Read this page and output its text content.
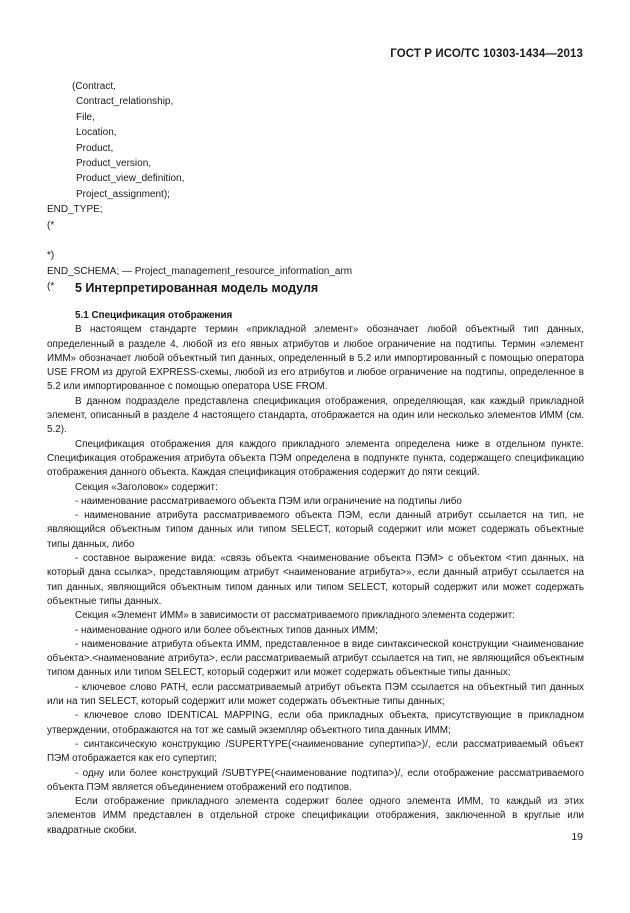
ГОСТ Р ИСО/ТС 10303-1434—2013
(Contract,
Contract_relationship,
File,
Location,
Product,
Product_version,
Product_view_definition,
Project_assignment);
END_TYPE;
(*

*)
END_SCHEMA; — Project_management_resource_information_arm
(*	5 Интерпретированная модель модуля

5.1 Спецификация отображения

В настоящем стандарте термин «прикладной элемент» обозначает любой объектный тип данных, определенный в разделе 4, любой из его явных атрибутов и любое ограничение на подтипы. Термин «элемент ИММ» обозначает любой объектный тип данных, определенный в 5.2 или импортированный с помощью оператора USE FROM из другой EXPRESS-схемы, любой из его атрибутов и любое ограничение на подтипы, определенное в 5.2 или импортированное с помощью оператора USE FROM.

В данном подразделе представлена спецификация отображения, определяющая, как каждый прикладной элемент, описанный в разделе 4 настоящего стандарта, отображается на один или несколько элементов ИММ (см. 5.2).

Спецификация отображения для каждого прикладного элемента определена ниже в отдельном пункте. Спецификация отображения атрибута объекта ПЭМ определена в подпункте пункта, содержащего спецификацию отображения данного объекта. Каждая спецификация отображения содержит до пяти секций.

Секция «Заголовок» содержит:

- наименование рассматриваемого объекта ПЭМ или ограничение на подтипы либо

- наименование атрибута рассматриваемого объекта ПЭМ, если данный атрибут ссылается на тип, не являющийся объектным типом данных или типом SELECT, который содержит или может содержать объектные типы данных, либо

- составное выражение вида: «связь объекта <наименование объекта ПЭМ> с объектом <тип данных, на который дана ссылка>, представляющим атрибут <наименование атрибута>», если данный атрибут ссылается на тип данных, являющийся объектным типом данных или типом SELECT, который содержит или может содержать объектные типы данных.

Секция «Элемент ИММ» в зависимости от рассматриваемого прикладного элемента содержит:

- наименование одного или более объектных типов данных ИММ;

- наименование атрибута объекта ИММ, представленное в виде синтаксической конструкции <наименование объекта>.<наименование атрибута>, если рассматриваемый атрибут ссылается на тип, не являющийся объектным типом данных или типом SELECT, который содержит или может содержать объектные типы данных;

- ключевое слово PATH, если рассматриваемый атрибут объекта ПЭМ ссылается на объектный тип данных или на тип SELECT, который содержит или может содержать объектные типы данных;

- ключевое слово IDENTICAL MAPPING, если оба прикладных объекта, присутствующие в прикладном утверждении, отображаются на тот же самый экземпляр объектного типа данных ИММ;

- синтаксическую конструкцию /SUPERTYPE(<наименование супертипа>)/, если рассматриваемый объект ПЭМ отображается как его супертип;

- одну или более конструкций /SUBTYPE(<наименование подтипа>)/, если отображение рассматриваемого объекта ПЭМ является объединением отображений его подтипов.

Если отображение прикладного элемента содержит более одного элемента ИММ, то каждый из этих элементов ИММ представлен в отдельной строке спецификации отображения, заключенной в круглые или квадратные скобки.

19
